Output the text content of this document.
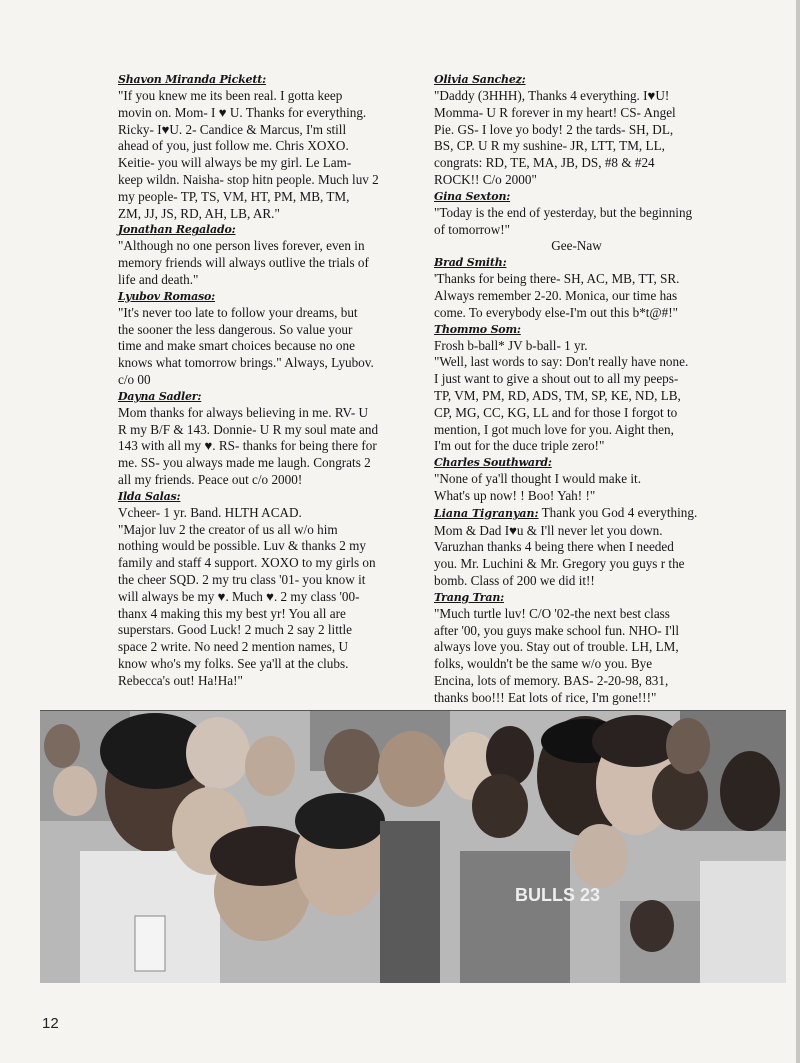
Shavon Miranda Pickett:
"If you knew me its been real. I gotta keep
movin on. Mom- I ♥ U. Thanks for everything.
Ricky- I♥U. 2- Candice & Marcus, I'm still
ahead of you, just follow me. Chris XOXO.
Keitie- you will always be my girl. Le Lam-
keep wildn. Naisha- stop hitn people. Much luv 2
my people- TP, TS, VM, HT, PM, MB, TM,
ZM, JJ, JS, RD, AH, LB, AR."
Jonathan Regalado:
"Although no one person lives forever, even in
memory friends will always outlive the trials of
life and death."
Lyubov Romaso:
"It's never too late to follow your dreams, but
the sooner the less dangerous. So value your
time and make smart choices because no one
knows what tomorrow brings." Always, Lyubov.
c/o 00
Dayna Sadler:
Mom thanks for always believing in me. RV- U
R my B/F & 143. Donnie- U R my soul mate and
143 with all my ♥. RS- thanks for being there for
me. SS- you always made me laugh. Congrats 2
all my friends. Peace out c/o 2000!
Ilda Salas:
Vcheer- 1 yr. Band. HLTH ACAD.
"Major luv 2 the creator of us all w/o him
nothing would be possible. Luv & thanks 2 my
family and staff 4 support. XOXO to my girls on
the cheer SQD. 2 my tru class '01- you know it
will always be my ♥. Much ♥. 2 my class '00-
thanx 4 making this my best yr! You all are
superstars. Good Luck! 2 much 2 say 2 little
space 2 write. No need 2 mention names, U
know who's my folks. See ya'll at the clubs.
Rebecca's out! Ha!Ha!"
Olivia Sanchez:
"Daddy (3HHH), Thanks 4 everything. I♥U!
Momma- U R forever in my heart! CS- Angel
Pie. GS- I love yo body! 2 the tards- SH, DL,
BS, CP. U R my sushine- JR, LTT, TM, LL,
congrats: RD, TE, MA, JB, DS, #8 & #24
ROCK!! C/o 2000"
Gina Sexton:
"Today is the end of yesterday, but the beginning
of tomorrow!"
Gee-Naw
Brad Smith:
'Thanks for being there- SH, AC, MB, TT, SR.
Always remember 2-20. Monica, our time has
come. To everybody else-I'm out this b*t@#!"
Thommo Som:
Frosh b-ball* JV b-ball- 1 yr.
"Well, last words to say: Don't really have none.
I just want to give a shout out to all my peeps-
TP, VM, PM, RD, ADS, TM, SP, KE, ND, LB,
CP, MG, CC, KG, LL and for those I forgot to
mention, I got much love for you. Aight then,
I'm out for the duce triple zero!"
Charles Southward:
"None of ya'll thought I would make it.
What's up now! ! Boo! Yah! !"
Liana Tigranyan: Thank you God 4 everything.
Mom & Dad I♥u & I'll never let you down.
Varuzhan thanks 4 being there when I needed
you. Mr. Luchini & Mr. Gregory you guys r the
bomb. Class of 200 we did it!!
Trang Tran:
"Much turtle luv! C/O '02-the next best class
after '00, you guys make school fun. NHO- I'll
always love you. Stay out of trouble. LH, LM,
folks, wouldn't be the same w/o you. Bye
Encina, lots of memory. BAS- 2-20-98, 831,
thanks boo!!! Eat lots of rice, I'm gone!!!"
BULLS 23
12
